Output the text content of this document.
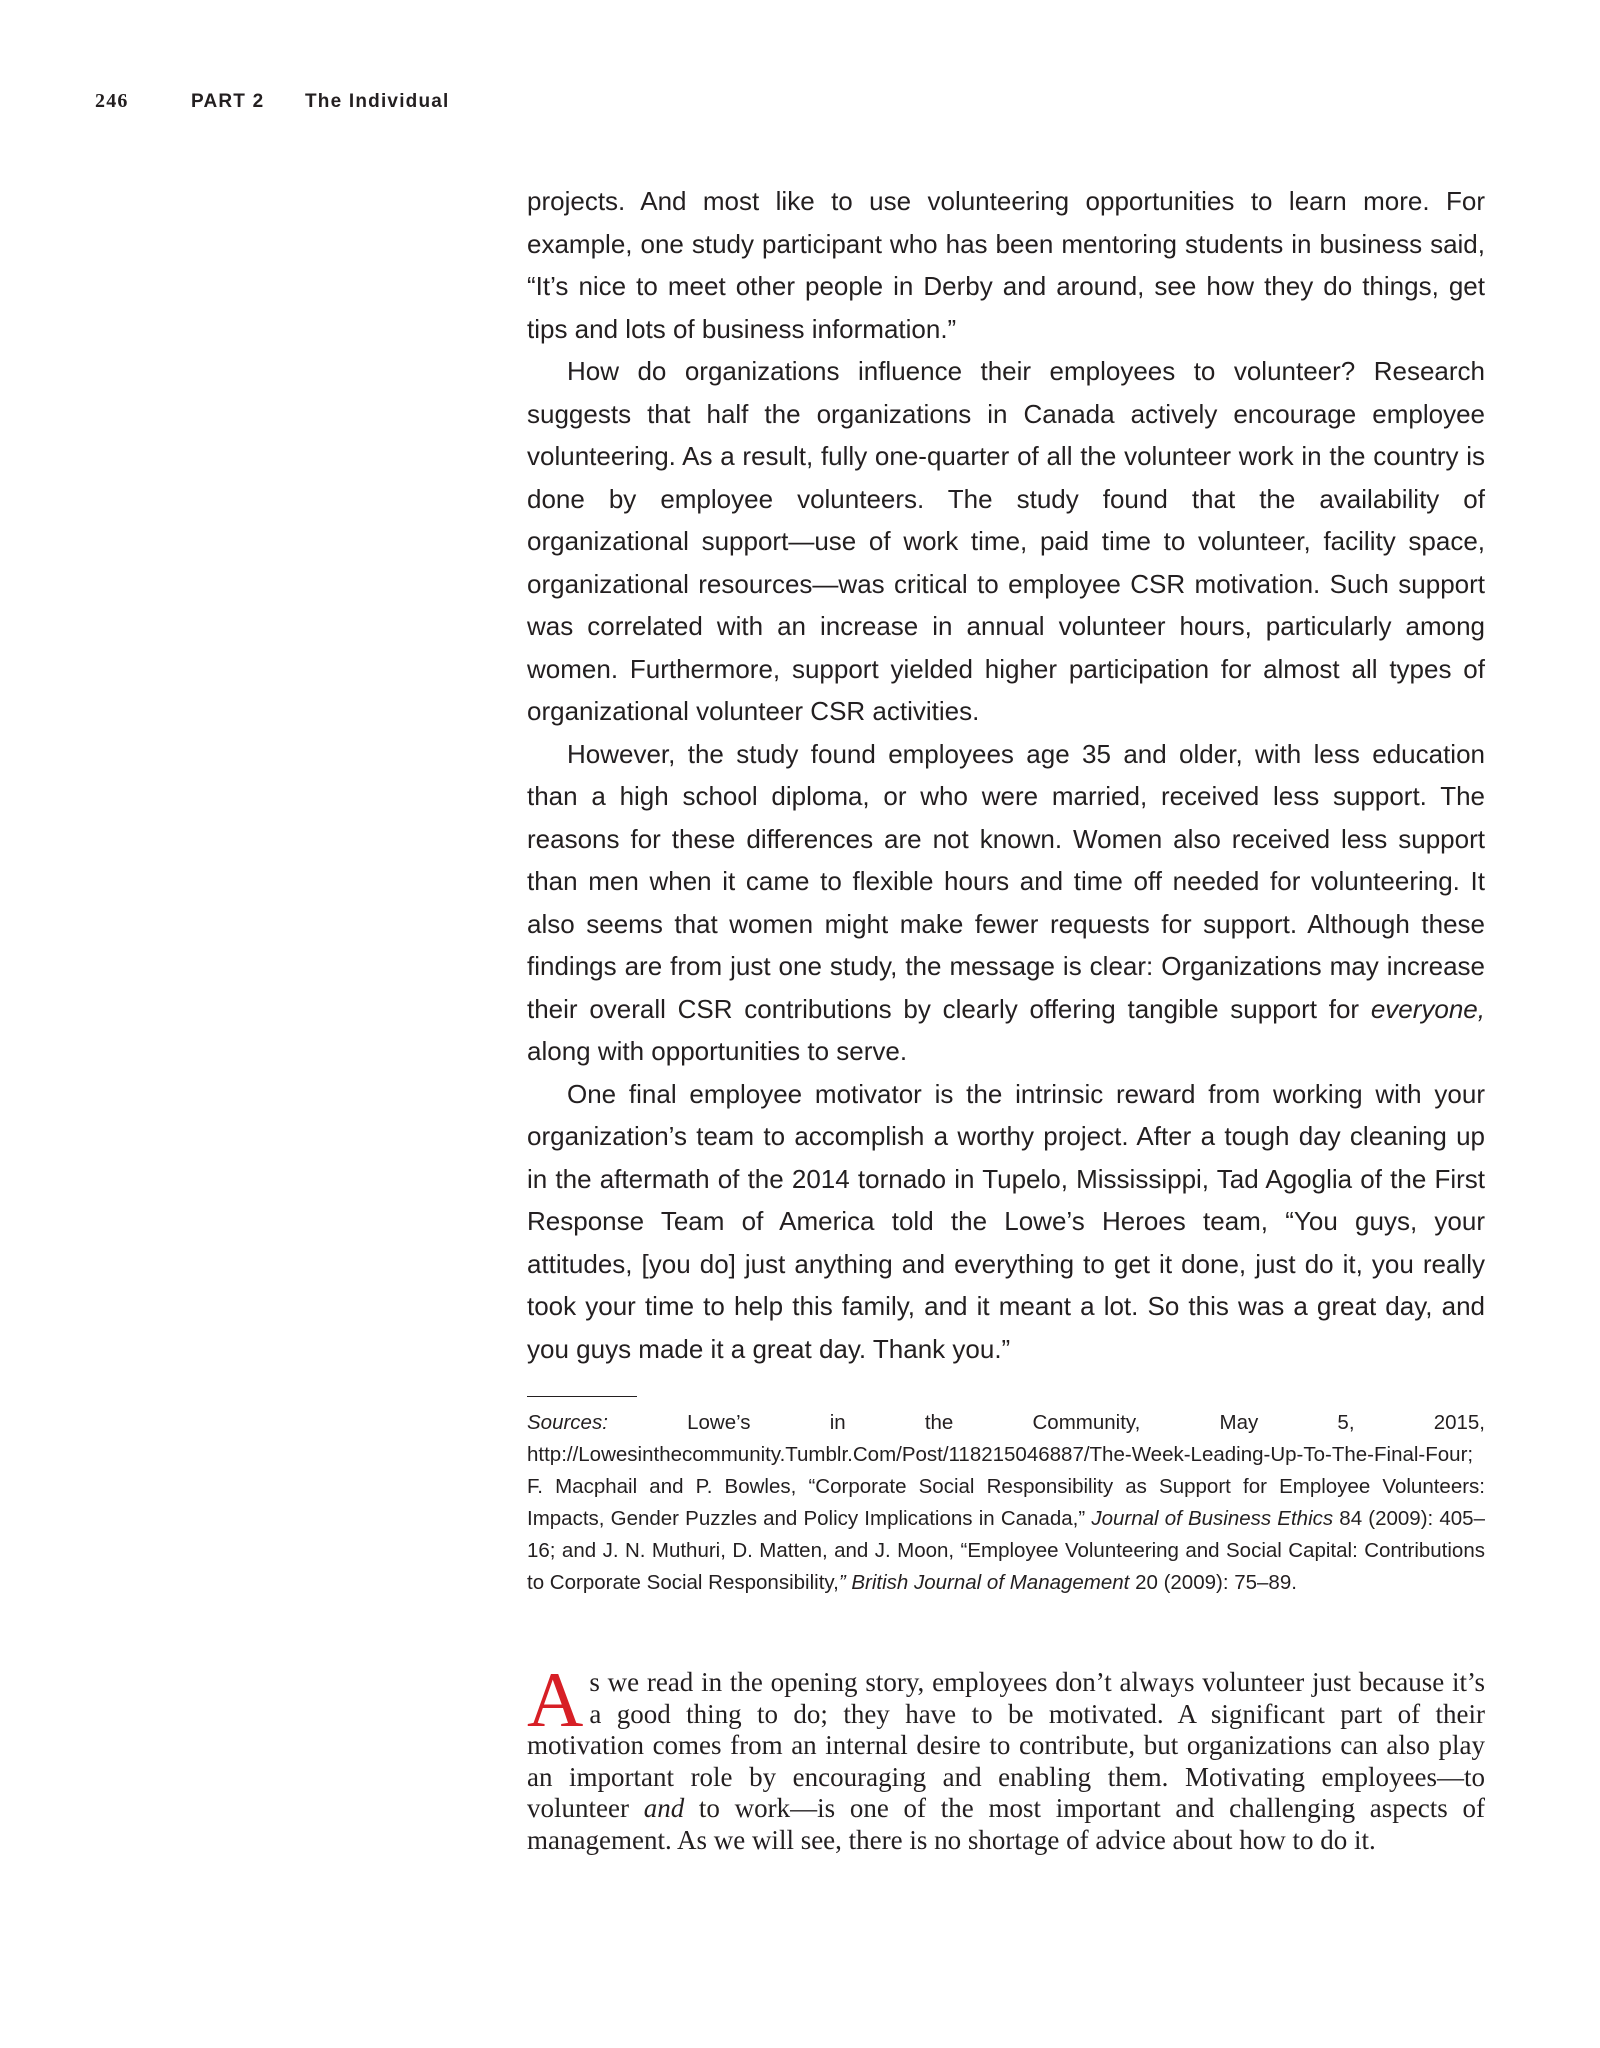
246	PART 2 The Individual

projects. And most like to use volunteering opportunities to learn more. For example, one study participant who has been mentoring students in business said, “It’s nice to meet other people in Derby and around, see how they do things, get tips and lots of business information.”

How do organizations influence their employees to volunteer? Research suggests that half the organizations in Canada actively encourage employee volunteering. As a result, fully one-quarter of all the volunteer work in the country is done by employee volunteers. The study found that the availability of organizational support—use of work time, paid time to volunteer, facility space, organizational resources—was critical to employee CSR motivation. Such support was correlated with an increase in annual volunteer hours, particularly among women. Furthermore, support yielded higher participation for almost all types of organizational volunteer CSR activities.

However, the study found employees age 35 and older, with less education than a high school diploma, or who were married, received less support. The reasons for these differences are not known. Women also received less support than men when it came to flexible hours and time off needed for volunteering. It also seems that women might make fewer requests for support. Although these findings are from just one study, the message is clear: Organizations may increase their overall CSR contributions by clearly offering tangible support for everyone, along with opportunities to serve.

One final employee motivator is the intrinsic reward from working with your organization’s team to accomplish a worthy project. After a tough day cleaning up in the aftermath of the 2014 tornado in Tupelo, Mississippi, Tad Agoglia of the First Response Team of America told the Lowe’s Heroes team, “You guys, your attitudes, [you do] just anything and everything to get it done, just do it, you really took your time to help this family, and it meant a lot. So this was a great day, and you guys made it a great day. Thank you.”

Sources: Lowe’s in the Community, May 5, 2015, http://Lowesinthecommunity.Tumblr.Com/Post/118215046887/The-Week-Leading-Up-To-The-Final-Four; F. Macphail and P. Bowles, “Corporate Social Responsibility as Support for Employee Volunteers: Impacts, Gender Puzzles and Policy Implications in Canada,” Journal of Business Ethics 84 (2009): 405–16; and J. N. Muthuri, D. Matten, and J. Moon, “Employee Volunteering and Social Capital: Contributions to Corporate Social Responsibility,” British Journal of Management 20 (2009): 75–89.

As we read in the opening story, employees don’t always volunteer just because it’s a good thing to do; they have to be motivated. A significant part of their motivation comes from an internal desire to contribute, but organizations can also play an important role by encouraging and enabling them. Motivating employees—to volunteer and to work—is one of the most important and challenging aspects of management. As we will see, there is no shortage of advice about how to do it.
